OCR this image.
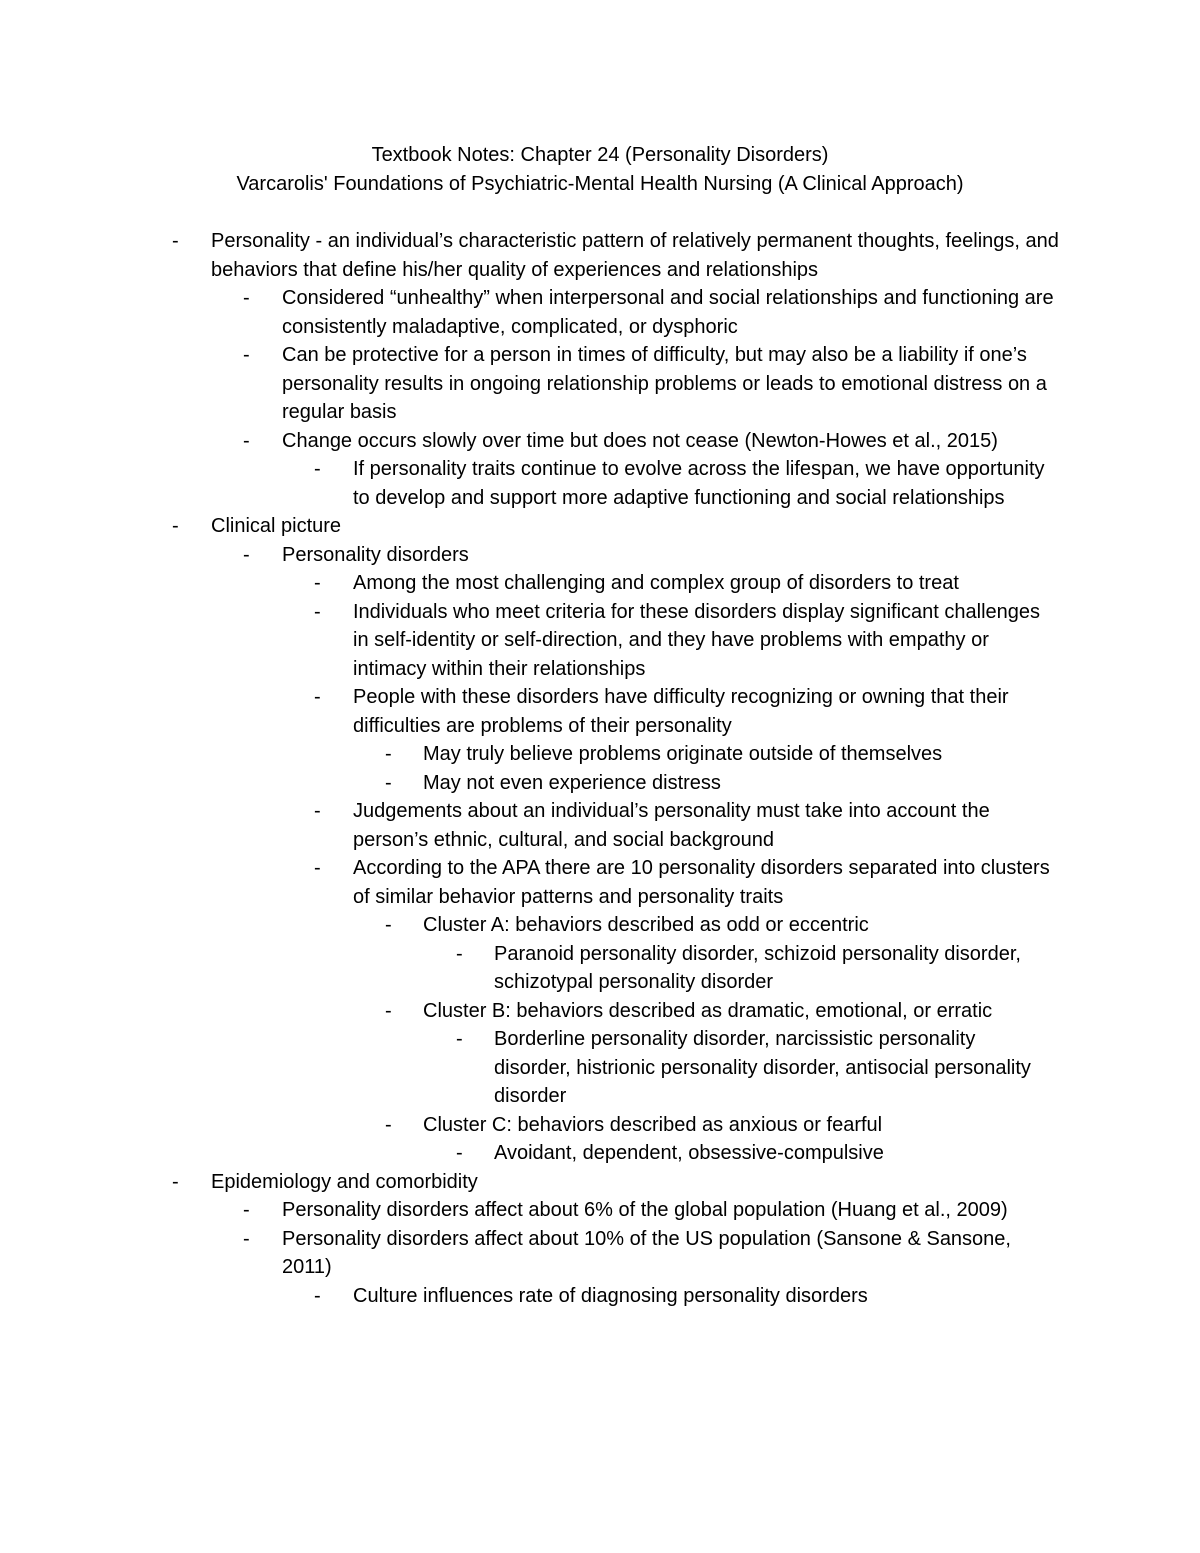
Textbook Notes: Chapter 24 (Personality Disorders)
Varcarolis' Foundations of Psychiatric-Mental Health Nursing (A Clinical Approach)
- Personality - an individual’s characteristic pattern of relatively permanent thoughts, feelings, and behaviors that define his/her quality of experiences and relationships
- Considered “unhealthy” when interpersonal and social relationships and functioning are consistently maladaptive, complicated, or dysphoric
- Can be protective for a person in times of difficulty, but may also be a liability if one’s personality results in ongoing relationship problems or leads to emotional distress on a regular basis
- Change occurs slowly over time but does not cease (Newton-Howes et al., 2015)
- If personality traits continue to evolve across the lifespan, we have opportunity to develop and support more adaptive functioning and social relationships
- Clinical picture
- Personality disorders
- Among the most challenging and complex group of disorders to treat
- Individuals who meet criteria for these disorders display significant challenges in self-identity or self-direction, and they have problems with empathy or intimacy within their relationships
- People with these disorders have difficulty recognizing or owning that their difficulties are problems of their personality
- May truly believe problems originate outside of themselves
- May not even experience distress
- Judgements about an individual’s personality must take into account the person’s ethnic, cultural, and social background
- According to the APA there are 10 personality disorders separated into clusters of similar behavior patterns and personality traits
- Cluster A: behaviors described as odd or eccentric
- Paranoid personality disorder, schizoid personality disorder, schizotypal personality disorder
- Cluster B: behaviors described as dramatic, emotional, or erratic
- Borderline personality disorder, narcissistic personality disorder, histrionic personality disorder, antisocial personality disorder
- Cluster C: behaviors described as anxious or fearful
- Avoidant, dependent, obsessive-compulsive
- Epidemiology and comorbidity
- Personality disorders affect about 6% of the global population (Huang et al., 2009)
- Personality disorders affect about 10% of the US population (Sansone & Sansone, 2011)
- Culture influences rate of diagnosing personality disorders
